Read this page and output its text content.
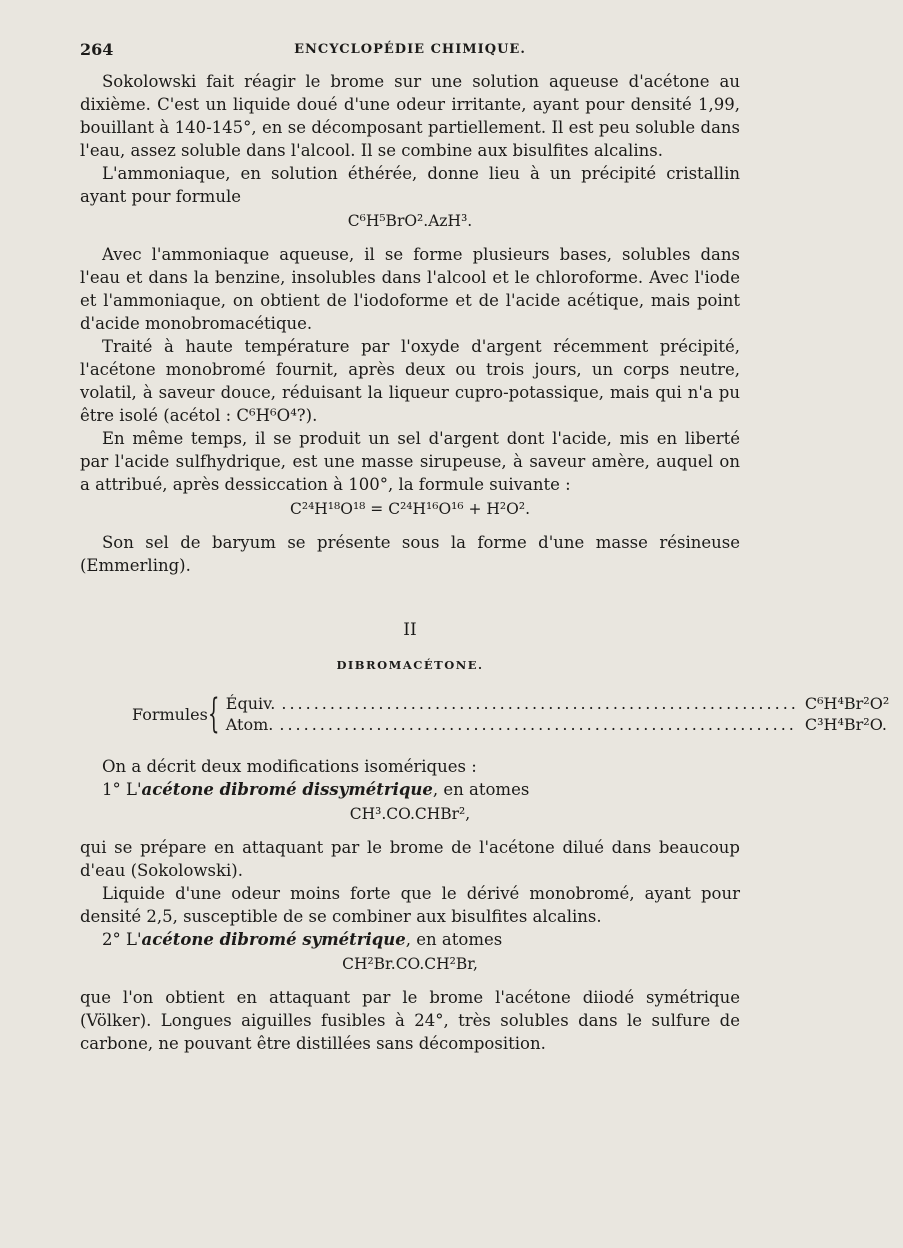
264	ENCYCLOPÉDIE CHIMIQUE.

Sokolowski fait réagir le brome sur une solution aqueuse d'acétone au dixième. C'est un liquide doué d'une odeur irritante, ayant pour densité 1,99, bouillant à 140-145°, en se décomposant partiellement. Il est peu soluble dans l'eau, assez soluble dans l'alcool. Il se combine aux bisulfites alcalins.

L'ammoniaque, en solution éthérée, donne lieu à un précipité cristallin ayant pour formule

C⁶H⁵BrO².AzH³.

Avec l'ammoniaque aqueuse, il se forme plusieurs bases, solubles dans l'eau et dans la benzine, insolubles dans l'alcool et le chloroforme. Avec l'iode et l'ammoniaque, on obtient de l'iodoforme et de l'acide acétique, mais point d'acide monobromacétique.

Traité à haute température par l'oxyde d'argent récemment précipité, l'acétone monobromé fournit, après deux ou trois jours, un corps neutre, volatil, à saveur douce, réduisant la liqueur cupro-potassique, mais qui n'a pu être isolé (acétol : C⁶H⁶O⁴?).

En même temps, il se produit un sel d'argent dont l'acide, mis en liberté par l'acide sulfhydrique, est une masse sirupeuse, à saveur amère, auquel on a attribué, après dessiccation à 100°, la formule suivante :

C²⁴H¹⁸O¹⁸ = C²⁴H¹⁶O¹⁶ + H²O².

Son sel de baryum se présente sous la forme d'une masse résineuse (Emmerling).

II

DIBROMACÉTONE.

Formules { Équiv. .....	C⁶H⁴Br²O²
Atom. .....	C³H⁴Br²O.

On a décrit deux modifications isomériques :

1° L'acétone dibromé dissymétrique, en atomes

CH³.CO.CHBr²,

qui se prépare en attaquant par le brome de l'acétone dilué dans beaucoup d'eau (Sokolowski).

Liquide d'une odeur moins forte que le dérivé monobromé, ayant pour densité 2,5, susceptible de se combiner aux bisulfites alcalins.

2° L'acétone dibromé symétrique, en atomes

CH²Br.CO.CH²Br,

que l'on obtient en attaquant par le brome l'acétone diiodé symétrique (Völker). Longues aiguilles fusibles à 24°, très solubles dans le sulfure de carbone, ne pouvant être distillées sans décomposition.
